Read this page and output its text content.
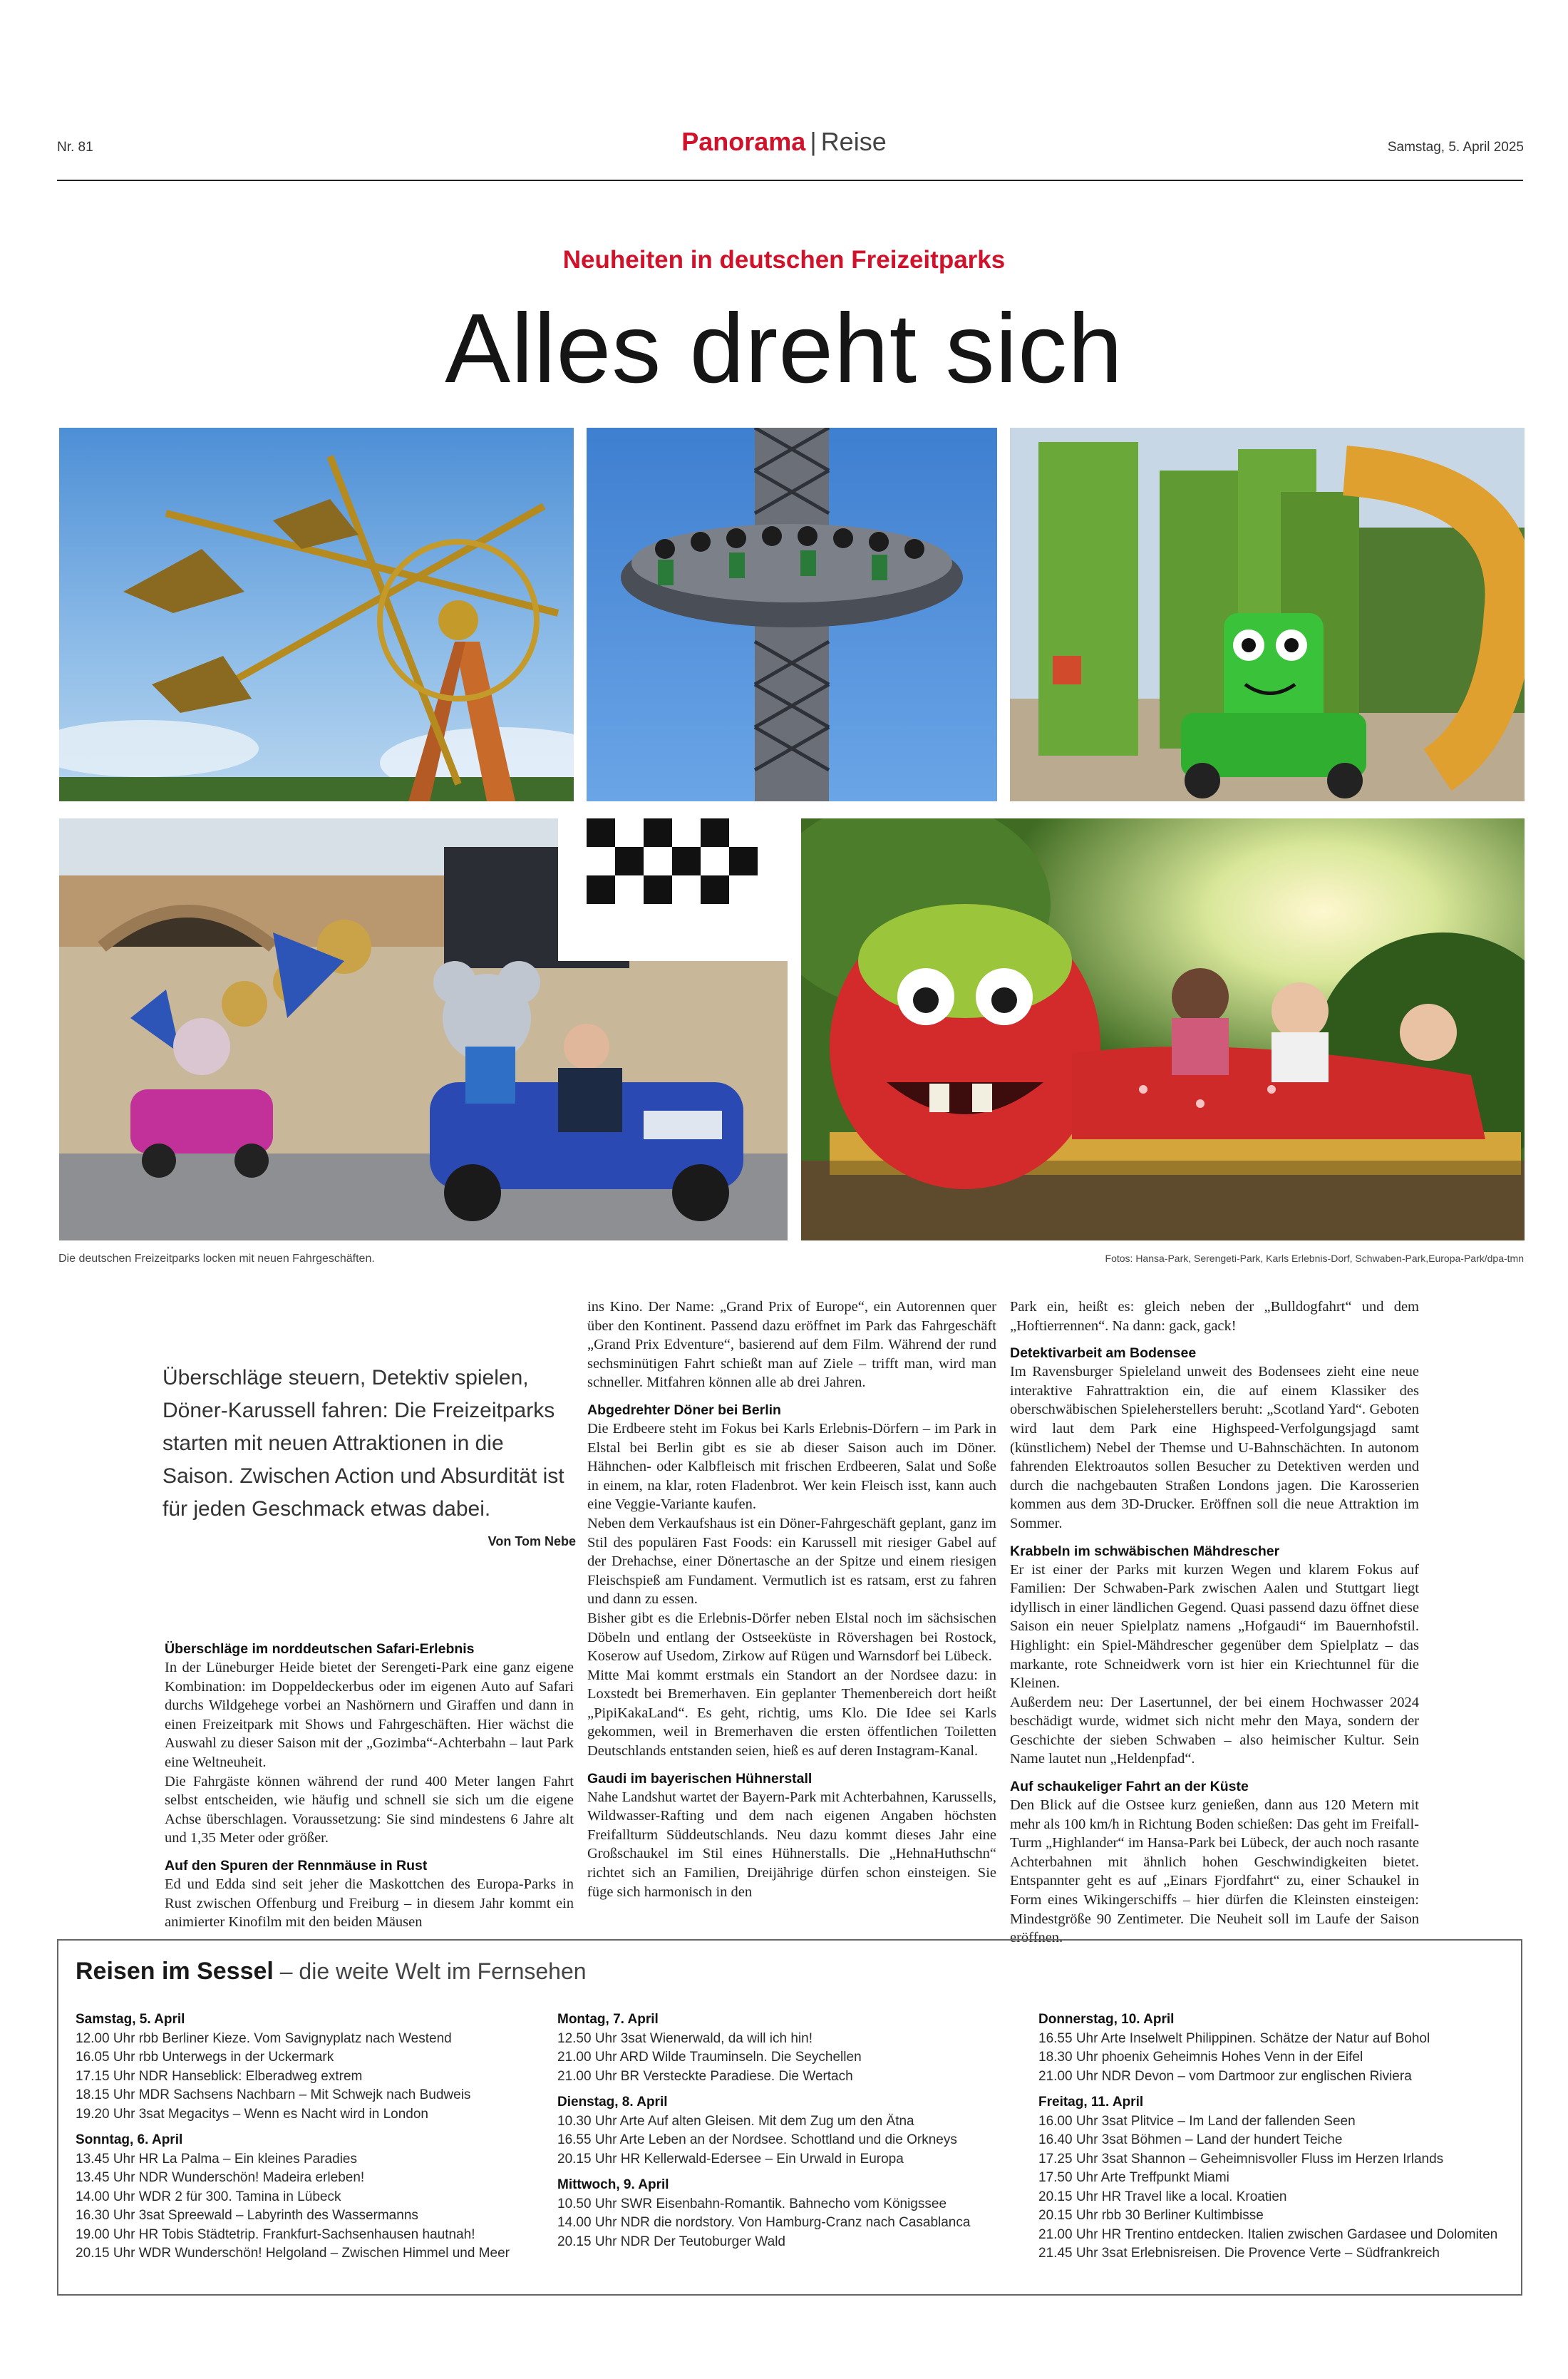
Nr. 81	Panorama | Reise	Samstag, 5. April 2025
Neuheiten in deutschen Freizeitparks
Alles dreht sich
Die deutschen Freizeitparks locken mit neuen Fahrgeschäften.	Fotos: Hansa-Park, Serengeti-Park, Karls Erlebnis-Dorf, Schwaben-Park,Europa-Park/dpa-tmn
Überschläge steuern, Detektiv spielen, Döner-Karussell fahren: Die Freizeitparks starten mit neuen Attraktionen in die Saison. Zwischen Action und Absurdität ist für jeden Geschmack etwas dabei.
Von Tom Nebe
Überschläge im norddeutschen Safari-Erlebnis

In der Lüneburger Heide bietet der Serengeti-Park eine ganz eigene Kombination: im Doppeldeckerbus oder im eigenen Auto auf Safari durchs Wildgehege vorbei an Nashörnern und Giraffen und dann in einen Freizeitpark mit Shows und Fahrgeschäften. Hier wächst die Auswahl zu dieser Saison mit der „Gozimba“-Achterbahn – laut Park eine Weltneuheit.

Die Fahrgäste können während der rund 400 Meter langen Fahrt selbst entscheiden, wie häufig und schnell sie sich um die eigene Achse überschlagen. Voraussetzung: Sie sind mindestens 6 Jahre alt und 1,35 Meter oder größer.

Auf den Spuren der Rennmäuse in Rust

Ed und Edda sind seit jeher die Maskottchen des Europa-Parks in Rust zwischen Offenburg und Freiburg – in diesem Jahr kommt ein animierter Kinofilm mit den beiden Mäusen

ins Kino. Der Name: „Grand Prix of Europe“, ein Autorennen quer über den Kontinent. Passend dazu eröffnet im Park das Fahrgeschäft „Grand Prix Edventure“, basierend auf dem Film. Während der rund sechsminütigen Fahrt schießt man auf Ziele – trifft man, wird man schneller. Mitfahren können alle ab drei Jahren.

Abgedrehter Döner bei Berlin

Die Erdbeere steht im Fokus bei Karls Erlebnis-Dörfern – im Park in Elstal bei Berlin gibt es sie ab dieser Saison auch im Döner. Hähnchen- oder Kalbfleisch mit frischen Erdbeeren, Salat und Soße in einem, na klar, roten Fladenbrot. Wer kein Fleisch isst, kann auch eine Veggie-Variante kaufen.

Neben dem Verkaufshaus ist ein Döner-Fahrgeschäft geplant, ganz im Stil des populären Fast Foods: ein Karussell mit riesiger Gabel auf der Drehachse, einer Dönertasche an der Spitze und einem riesigen Fleischspieß am Fundament. Vermutlich ist es ratsam, erst zu fahren und dann zu essen.

Bisher gibt es die Erlebnis-Dörfer neben Elstal noch im sächsischen Döbeln und entlang der Ostseeküste in Rövershagen bei Rostock, Koserow auf Usedom, Zirkow auf Rügen und Warnsdorf bei Lübeck.

Mitte Mai kommt erstmals ein Standort an der Nordsee dazu: in Loxstedt bei Bremerhaven. Ein geplanter Themenbereich dort heißt „PipiKakaLand“. Es geht, richtig, ums Klo. Die Idee sei Karls gekommen, weil in Bremerhaven die ersten öffentlichen Toiletten Deutschlands entstanden seien, hieß es auf deren Instagram-Kanal.

Gaudi im bayerischen Hühnerstall

Nahe Landshut wartet der Bayern-Park mit Achterbahnen, Karussells, Wildwasser-Rafting und dem nach eigenen Angaben höchsten Freifallturm Süddeutschlands. Neu dazu kommt dieses Jahr eine Großschaukel im Stil eines Hühnerstalls. Die „HehnaHuthschn“ richtet sich an Familien, Dreijährige dürfen schon einsteigen. Sie füge sich harmonisch in den

Park ein, heißt es: gleich neben der „Bulldogfahrt“ und dem „Hoftierrennen“. Na dann: gack, gack!

Detektivarbeit am Bodensee

Im Ravensburger Spieleland unweit des Bodensees zieht eine neue interaktive Fahrattraktion ein, die auf einem Klassiker des oberschwäbischen Spieleherstellers beruht: „Scotland Yard“. Geboten wird laut dem Park eine Highspeed-Verfolgungsjagd samt (künstlichem) Nebel der Themse und U-Bahnschächten. In autonom fahrenden Elektroautos sollen Besucher zu Detektiven werden und durch die nachgebauten Straßen Londons jagen. Die Karosserien kommen aus dem 3D-Drucker. Eröffnen soll die neue Attraktion im Sommer.

Krabbeln im schwäbischen Mähdrescher

Er ist einer der Parks mit kurzen Wegen und klarem Fokus auf Familien: Der Schwaben-Park zwischen Aalen und Stuttgart liegt idyllisch in einer ländlichen Gegend. Quasi passend dazu öffnet diese Saison ein neuer Spielplatz namens „Hofgaudi“ im Bauernhofstil. Highlight: ein Spiel-Mähdrescher gegenüber dem Spielplatz – das markante, rote Schneidwerk vorn ist hier ein Kriechtunnel für die Kleinen.

Außerdem neu: Der Lasertunnel, der bei einem Hochwasser 2024 beschädigt wurde, widmet sich nicht mehr den Maya, sondern der Geschichte der sieben Schwaben – also heimischer Kultur. Sein Name lautet nun „Heldenpfad“.

Auf schaukeliger Fahrt an der Küste

Den Blick auf die Ostsee kurz genießen, dann aus 120 Metern mit mehr als 100 km/h in Richtung Boden schießen: Das geht im Freifall-Turm „Highlander“ im Hansa-Park bei Lübeck, der auch noch rasante Achterbahnen mit ähnlich hohen Geschwindigkeiten bietet. Entspannter geht es auf „Einars Fjordfahrt“ zu, einer Schaukel in Form eines Wikingerschiffs – hier dürfen die Kleinsten einsteigen: Mindestgröße 90 Zentimeter. Die Neuheit soll im Laufe der Saison eröffnen.

Reisen im Sessel – die weite Welt im Fernsehen
Samstag, 5. April
12.00 Uhr rbb Berliner Kieze. Vom Savignyplatz nach Westend
16.05 Uhr rbb Unterwegs in der Uckermark
17.15 Uhr NDR Hanseblick: Elberadweg extrem
18.15 Uhr MDR Sachsens Nachbarn – Mit Schwejk nach Budweis
19.20 Uhr 3sat Megacitys – Wenn es Nacht wird in London
Sonntag, 6. April
13.45 Uhr HR La Palma – Ein kleines Paradies
13.45 Uhr NDR Wunderschön! Madeira erleben!
14.00 Uhr WDR 2 für 300. Tamina in Lübeck
16.30 Uhr 3sat Spreewald – Labyrinth des Wassermanns
19.00 Uhr HR Tobis Städtetrip. Frankfurt-Sachsenhausen hautnah!
20.15 Uhr WDR Wunderschön! Helgoland – Zwischen Himmel und Meer
Montag, 7. April
12.50 Uhr 3sat Wienerwald, da will ich hin!
21.00 Uhr ARD Wilde Trauminseln. Die Seychellen
21.00 Uhr BR Versteckte Paradiese. Die Wertach
Dienstag, 8. April
10.30 Uhr Arte Auf alten Gleisen. Mit dem Zug um den Ätna
16.55 Uhr Arte Leben an der Nordsee. Schottland und die Orkneys
20.15 Uhr HR Kellerwald-Edersee – Ein Urwald in Europa
Mittwoch, 9. April
10.50 Uhr SWR Eisenbahn-Romantik. Bahnecho vom Königssee
14.00 Uhr NDR die nordstory. Von Hamburg-Cranz nach Casablanca
20.15 Uhr NDR Der Teutoburger Wald
Donnerstag, 10. April
16.55 Uhr Arte Inselwelt Philippinen. Schätze der Natur auf Bohol
18.30 Uhr phoenix Geheimnis Hohes Venn in der Eifel
21.00 Uhr NDR Devon – vom Dartmoor zur englischen Riviera
Freitag, 11. April
16.00 Uhr 3sat Plitvice – Im Land der fallenden Seen
16.40 Uhr 3sat Böhmen – Land der hundert Teiche
17.25 Uhr 3sat Shannon – Geheimnisvoller Fluss im Herzen Irlands
17.50 Uhr Arte Treffpunkt Miami
20.15 Uhr HR Travel like a local. Kroatien
20.15 Uhr rbb 30 Berliner Kultimbisse
21.00 Uhr HR Trentino entdecken. Italien zwischen Gardasee und Dolomiten
21.45 Uhr 3sat Erlebnisreisen. Die Provence Verte – Südfrankreich
